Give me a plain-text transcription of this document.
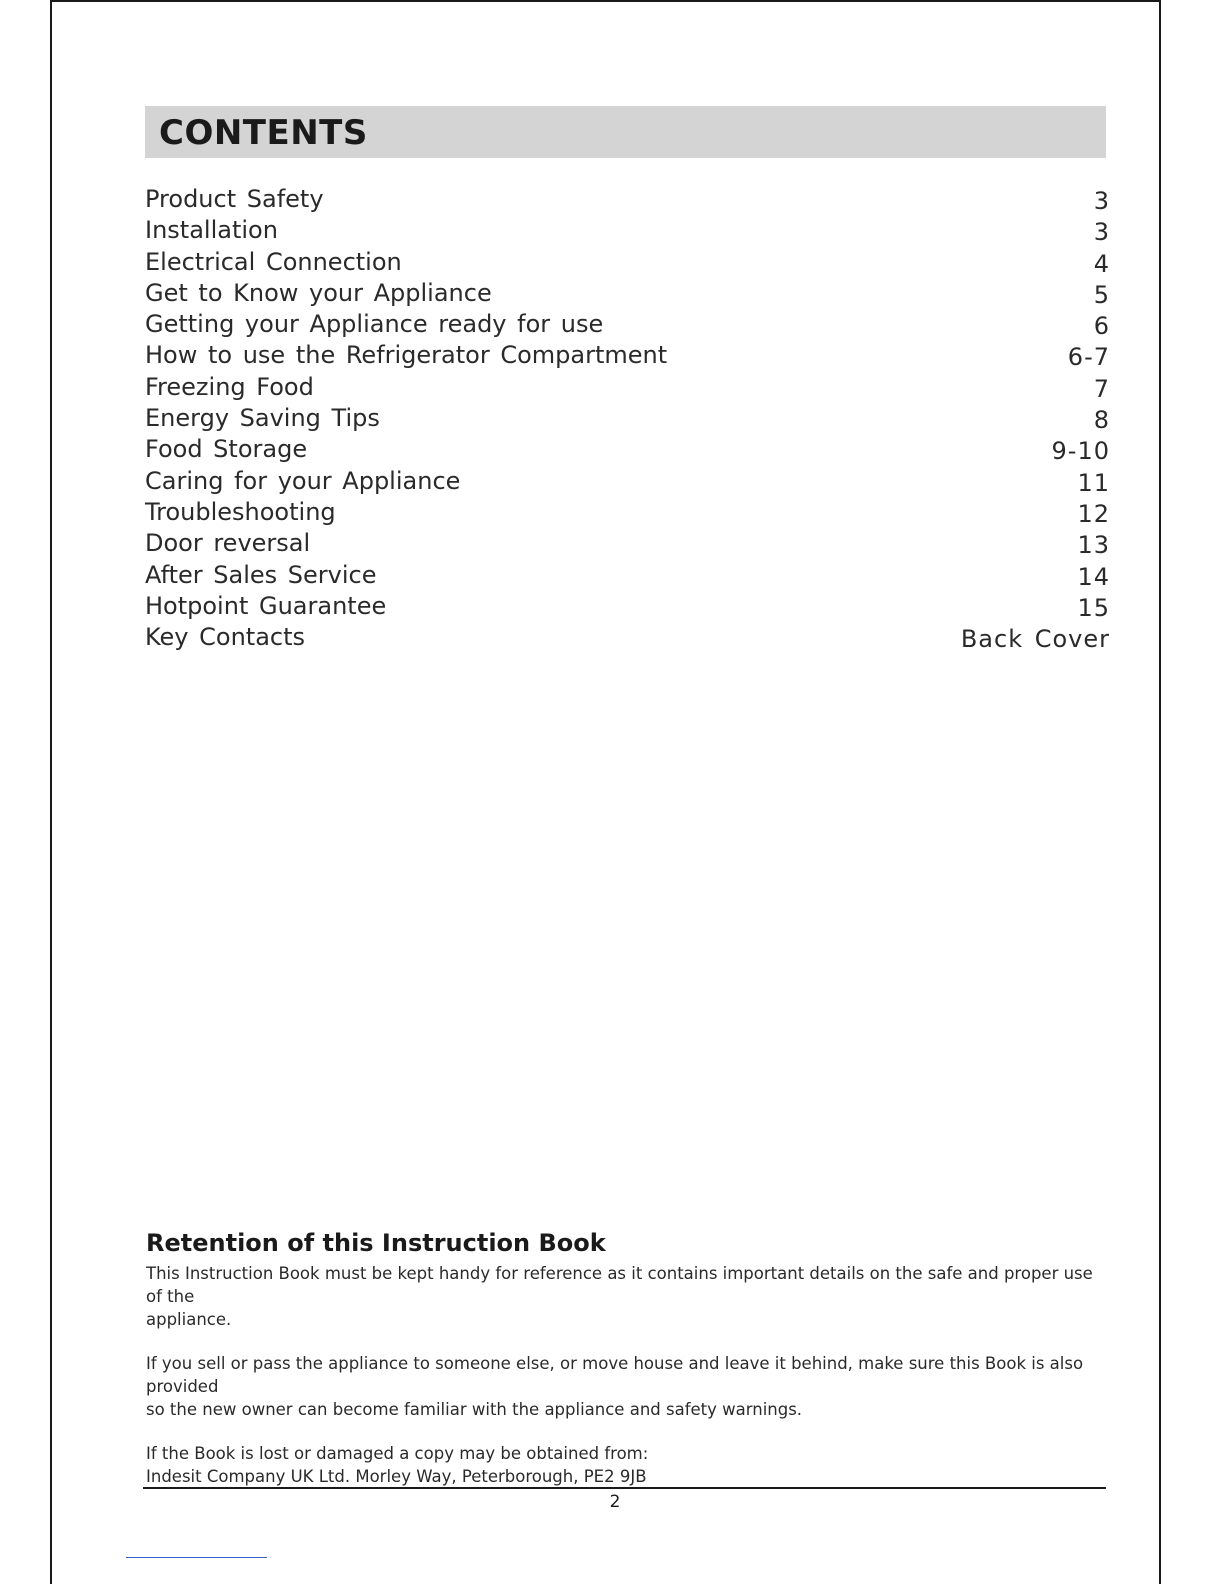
CONTENTS
Product Safety	3
Installation	3
Electrical Connection	4
Get to Know your Appliance	5
Getting your Appliance ready for use	6
How to use the Refrigerator Compartment	6-7
Freezing Food	7
Energy Saving Tips	8
Food Storage	9-10
Caring for your Appliance	11
Troubleshooting	12
Door reversal	13
After Sales Service	14
Hotpoint Guarantee	15
Key Contacts	Back Cover
Retention of this Instruction Book
This Instruction Book must be kept handy for reference as it contains important details on the safe and proper use of the
appliance.
If you sell or pass the appliance to someone else, or move house and leave it behind, make sure this Book is also provided
so the new owner can become familiar with the appliance and safety warnings.
If the Book is lost or damaged a copy may be obtained from:
Indesit Company UK Ltd. Morley Way, Peterborough, PE2 9JB
2
